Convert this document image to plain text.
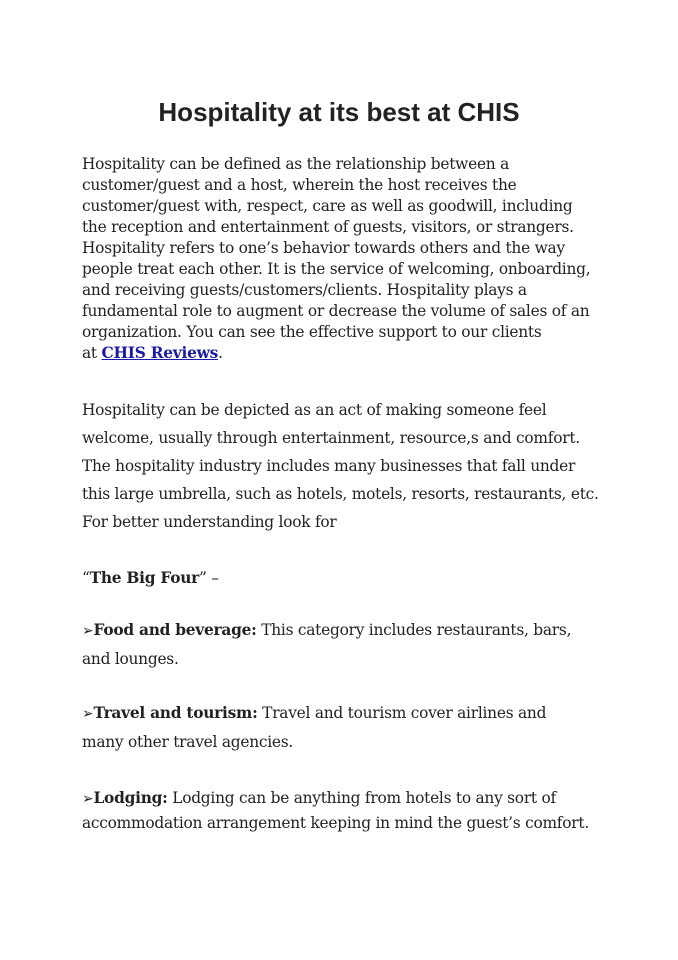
Hospitality at its best at CHIS

Hospitality can be defined as the relationship between a
customer/guest and a host, wherein the host receives the
customer/guest with, respect, care as well as goodwill, including
the reception and entertainment of guests, visitors, or strangers.
Hospitality refers to one’s behavior towards others and the way
people treat each other. It is the service of welcoming, onboarding,
and receiving guests/customers/clients. Hospitality plays a
fundamental role to augment or decrease the volume of sales of an
organization. You can see the effective support to our clients
at CHIS Reviews.

Hospitality can be depicted as an act of making someone feel
welcome, usually through entertainment, resource,s and comfort.
The hospitality industry includes many businesses that fall under
this large umbrella, such as hotels, motels, resorts, restaurants, etc.
For better understanding look for

“The Big Four” –

➢Food and beverage: This category includes restaurants, bars,
and lounges.

➢Travel and tourism: Travel and tourism cover airlines and
many other travel agencies.

➢Lodging: Lodging can be anything from hotels to any sort of
accommodation arrangement keeping in mind the guest’s comfort.
